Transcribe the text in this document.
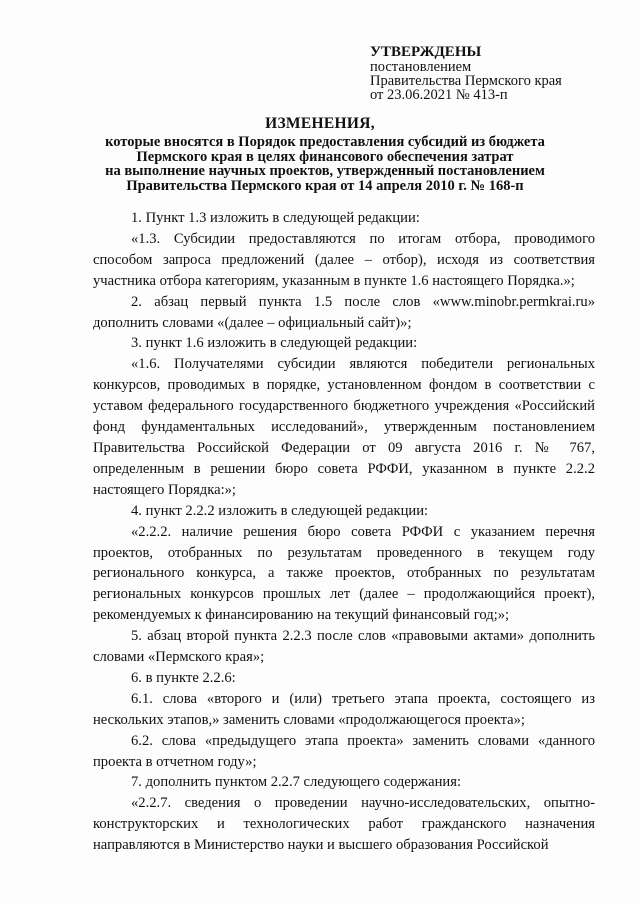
УТВЕРЖДЕНЫ
постановлением
Правительства Пермского края
от 23.06.2021 № 413-п
ИЗМЕНЕНИЯ,
которые вносятся в Порядок предоставления субсидий из бюджета
Пермского края в целях финансового обеспечения затрат
на выполнение научных проектов, утвержденный постановлением
Правительства Пермского края от 14 апреля 2010 г. № 168-п

1. Пункт 1.3 изложить в следующей редакции:

«1.3. Субсидии предоставляются по итогам отбора, проводимого способом запроса предложений (далее – отбор), исходя из соответствия участника отбора категориям, указанным в пункте 1.6 настоящего Порядка.»;

2. абзац первый пункта 1.5 после слов «www.minobr.permkrai.ru» дополнить словами «(далее – официальный сайт)»;

3. пункт 1.6 изложить в следующей редакции:

«1.6. Получателями субсидии являются победители региональных конкурсов, проводимых в порядке, установленном фондом в соответствии с уставом федерального государственного бюджетного учреждения «Российский фонд фундаментальных исследований», утвержденным постановлением Правительства Российской Федерации от 09 августа 2016 г. № 767, определенным в решении бюро совета РФФИ, указанном в пункте 2.2.2 настоящего Порядка:»;

4. пункт 2.2.2 изложить в следующей редакции:

«2.2.2. наличие решения бюро совета РФФИ с указанием перечня проектов, отобранных по результатам проведенного в текущем году регионального конкурса, а также проектов, отобранных по результатам региональных конкурсов прошлых лет (далее – продолжающийся проект), рекомендуемых к финансированию на текущий финансовый год;»;

5. абзац второй пункта 2.2.3 после слов «правовыми актами» дополнить словами «Пермского края»;

6. в пункте 2.2.6:

6.1. слова «второго и (или) третьего этапа проекта, состоящего из нескольких этапов,» заменить словами «продолжающегося проекта»;

6.2. слова «предыдущего этапа проекта» заменить словами «данного проекта в отчетном году»;

7. дополнить пунктом 2.2.7 следующего содержания:

«2.2.7. сведения о проведении научно-исследовательских, опытно-конструкторских и технологических работ гражданского назначения направляются в Министерство науки и высшего образования Российской
